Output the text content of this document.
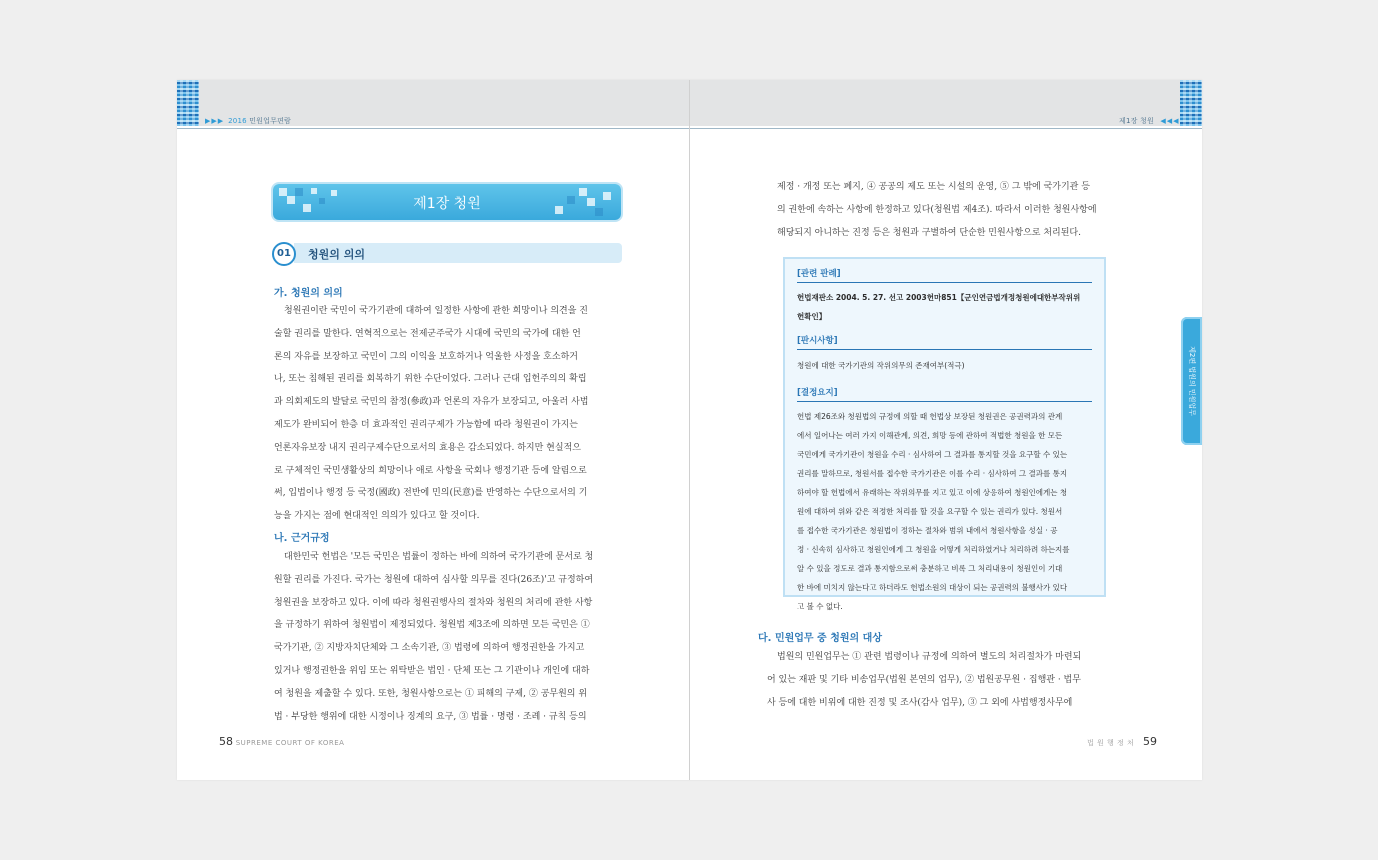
▶▶▶ 2016 민원업무편람
제1장 청원
01	청원의 의의
가. 청원의 의의
청원권이란 국민이 국가기관에 대하여 일정한 사항에 관한 희망이나 의견을 진
술할 권리를 말한다. 연혁적으로는 전제군주국가 시대에 국민의 국가에 대한 언
론의 자유를 보장하고 국민이 그의 이익을 보호하거나 억울한 사정을 호소하거
나, 또는 침해된 권리를 회복하기 위한 수단이었다. 그러나 근대 입헌주의의 확립
과 의회제도의 발달로 국민의 참정(參政)과 언론의 자유가 보장되고, 아울러 사법
제도가 완비되어 한층 더 효과적인 권리구제가 가능함에 따라 청원권이 가지는
언론자유보장 내지 권리구제수단으로서의 효용은 감소되었다. 하지만 현실적으
로 구체적인 국민생활상의 희망이나 애로 사항을 국회나 행정기관 등에 알림으로
써, 입법이나 행정 등 국정(國政) 전반에 민의(民意)를 반영하는 수단으로서의 기
능을 가지는 점에 현대적인 의의가 있다고 할 것이다.
나. 근거규정
대한민국 헌법은 '모든 국민은 법률이 정하는 바에 의하여 국가기관에 문서로 청
원할 권리를 가진다. 국가는 청원에 대하여 심사할 의무를 진다(26조)'고 규정하여
청원권을 보장하고 있다. 이에 따라 청원권행사의 절차와 청원의 처리에 관한 사항
을 규정하기 위하여 청원법이 제정되었다. 청원법 제3조에 의하면 모든 국민은 ①
국가기관, ② 지방자치단체와 그 소속기관, ③ 법령에 의하여 행정권한을 가지고
있거나 행정권한을 위임 또는 위탁받은 법인 · 단체 또는 그 기관이나 개인에 대하
여 청원을 제출할 수 있다. 또한, 청원사항으로는 ① 피해의 구제, ② 공무원의 위
법 · 부당한 행위에 대한 시정이나 징계의 요구, ③ 법률 · 명령 · 조례 · 규칙 등의
58 SUPREME COURT OF KOREA
제1장 청원 ◀◀◀
제정 · 개정 또는 폐지, ④ 공공의 제도 또는 시설의 운영, ⑤ 그 밖에 국가기관 등
의 권한에 속하는 사항에 한정하고 있다(청원법 제4조). 따라서 이러한 청원사항에
해당되지 아니하는 진정 등은 청원과 구별하여 단순한 민원사항으로 처리된다.
[관련 판례]
헌법재판소 2004. 5. 27. 선고 2003헌마851【군인연금법개정청원에대한부작위위
헌확인】
[판시사항]
청원에 대한 국가기관의 작위의무의 존재여부(적극)
[결정요지]
헌법 제26조와 청원법의 규정에 의할 때 헌법상 보장된 청원권은 공권력과의 관계
에서 일어나는 여러 가지 이해관계, 의견, 희망 등에 관하여 적법한 청원을 한 모든
국민에게 국가기관이 청원을 수리 · 심사하여 그 결과를 통지할 것을 요구할 수 있는
권리를 말하므로, 청원서를 접수한 국가기관은 이를 수리 · 심사하여 그 결과를 통지
하여야 할 헌법에서 유래하는 작위의무를 지고 있고 이에 상응하여 청원인에게는 청
원에 대하여 위와 같은 적정한 처리를 할 것을 요구할 수 있는 권리가 있다. 청원서
를 접수한 국가기관은 청원법이 정하는 절차와 범위 내에서 청원사항을 성실 · 공
정 · 신속히 심사하고 청원인에게 그 청원을 어떻게 처리하였거나 처리하려 하는지를
알 수 있을 정도로 결과 통지함으로써 충분하고 비록 그 처리내용이 청원인이 기대
한 바에 미치지 않는다고 하더라도 헌법소원의 대상이 되는 공권력의 불행사가 있다
고 볼 수 없다.
다. 민원업무 중 청원의 대상
법원의 민원업무는 ① 관련 법령이나 규정에 의하여 별도의 처리절차가 마련되
어 있는 재판 및 기타 비송업무(법원 본연의 업무), ② 법원공무원 · 집행관 · 법무
사 등에 대한 비위에 대한 진정 및 조사(감사 업무), ③ 그 외에 사법행정사무에
제2편 법원의 민원업무
법 원 행 정 처 59
